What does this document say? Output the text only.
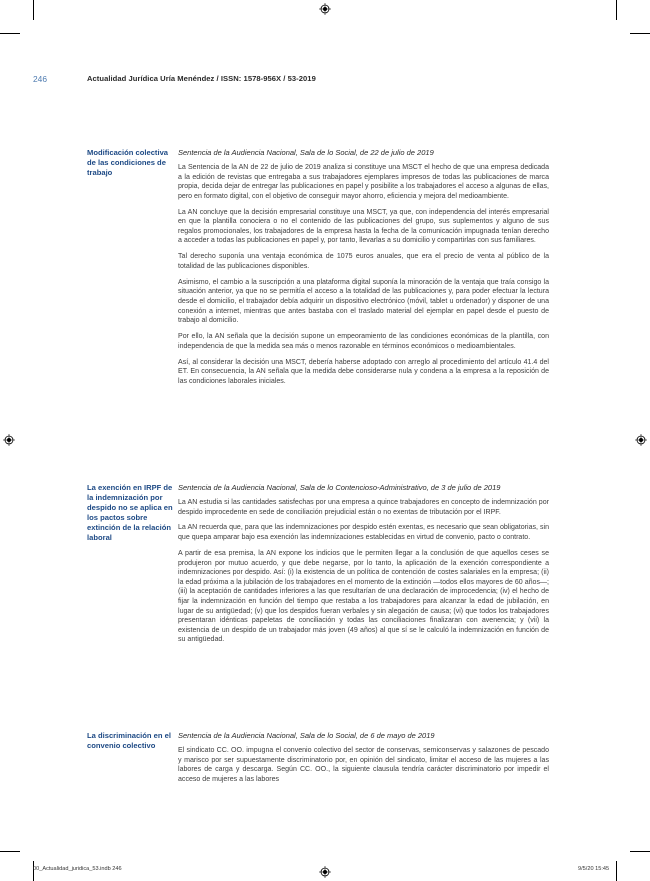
246	Actualidad Jurídica Uría Menéndez / ISSN: 1578-956X / 53-2019
Modificación colectiva de las condiciones de trabajo

Sentencia de la Audiencia Nacional, Sala de lo Social, de 22 de julio de 2019

La Sentencia de la AN de 22 de julio de 2019 analiza si constituye una MSCT el hecho de que una empresa dedicada a la edición de revistas que entregaba a sus trabajadores ejemplares impresos de todas las publicaciones de marca propia, decida dejar de entregar las publicaciones en papel y posibilite a los trabajadores el acceso a algunas de ellas, pero en formato digital, con el objetivo de conseguir mayor ahorro, eficiencia y mejora del medioambiente.

La AN concluye que la decisión empresarial constituye una MSCT, ya que, con independencia del interés empresarial en que la plantilla conociera o no el contenido de las publicaciones del grupo, sus suplementos y alguno de sus regalos promocionales, los trabajadores de la empresa hasta la fecha de la comunicación impugnada tenían derecho a acceder a todas las publicaciones en papel y, por tanto, llevarlas a su domicilio y compartirlas con sus familiares.

Tal derecho suponía una ventaja económica de 1075 euros anuales, que era el precio de venta al público de la totalidad de las publicaciones disponibles.

Asimismo, el cambio a la suscripción a una plataforma digital suponía la minoración de la ventaja que traía consigo la situación anterior, ya que no se permitía el acceso a la totalidad de las publicaciones y, para poder efectuar la lectura desde el domicilio, el trabajador debía adquirir un dispositivo electrónico (móvil, tablet u ordenador) y disponer de una conexión a internet, mientras que antes bastaba con el traslado material del ejemplar en papel desde el puesto de trabajo al domicilio.

Por ello, la AN señala que la decisión supone un empeoramiento de las condiciones económicas de la plantilla, con independencia de que la medida sea más o menos razonable en términos económicos o medioambientales.

Así, al considerar la decisión una MSCT, debería haberse adoptado con arreglo al procedimiento del artículo 41.4 del ET. En consecuencia, la AN señala que la medida debe considerarse nula y condena a la empresa a la reposición de las condiciones laborales iniciales.

La exención en IRPF de la indemnización por despido no se aplica en los pactos sobre extinción de la relación laboral

Sentencia de la Audiencia Nacional, Sala de lo Contencioso-Administrativo, de 3 de julio de 2019

La AN estudia si las cantidades satisfechas por una empresa a quince trabajadores en concepto de indemnización por despido improcedente en sede de conciliación prejudicial están o no exentas de tributación por el IRPF.

La AN recuerda que, para que las indemnizaciones por despido estén exentas, es necesario que sean obligatorias, sin que quepa amparar bajo esa exención las indemnizaciones establecidas en virtud de convenio, pacto o contrato.

A partir de esa premisa, la AN expone los indicios que le permiten llegar a la conclusión de que aquellos ceses se produjeron por mutuo acuerdo, y que debe negarse, por lo tanto, la aplicación de la exención correspondiente a indemnizaciones por despido. Así: (i) la existencia de un política de contención de costes salariales en la empresa; (ii) la edad próxima a la jubilación de los trabajadores en el momento de la extinción —todos ellos mayores de 60 años—; (iii) la aceptación de cantidades inferiores a las que resultarían de una declaración de improcedencia; (iv) el hecho de fijar la indemnización en función del tiempo que restaba a los trabajadores para alcanzar la edad de jubilación, en lugar de su antigüedad; (v) que los despidos fueran verbales y sin alegación de causa; (vi) que todos los trabajadores presentaran idénticas papeletas de conciliación y todas las conciliaciones finalizaran con avenencia; y (vii) la existencia de un despido de un trabajador más joven (49 años) al que sí se le calculó la indemnización en función de su antigüedad.

La discriminación en el convenio colectivo

Sentencia de la Audiencia Nacional, Sala de lo Social, de 6 de mayo de 2019

El sindicato CC. OO. impugna el convenio colectivo del sector de conservas, semiconservas y salazones de pescado y marisco por ser supuestamente discriminatorio por, en opinión del sindicato, limitar el acceso de las mujeres a las labores de carga y descarga. Según CC. OO., la siguiente clausula tendría carácter discriminatorio por impedir el acceso de mujeres a las labores

00_Actualidad_juridica_53.indb 246	9/5/20 15:45
